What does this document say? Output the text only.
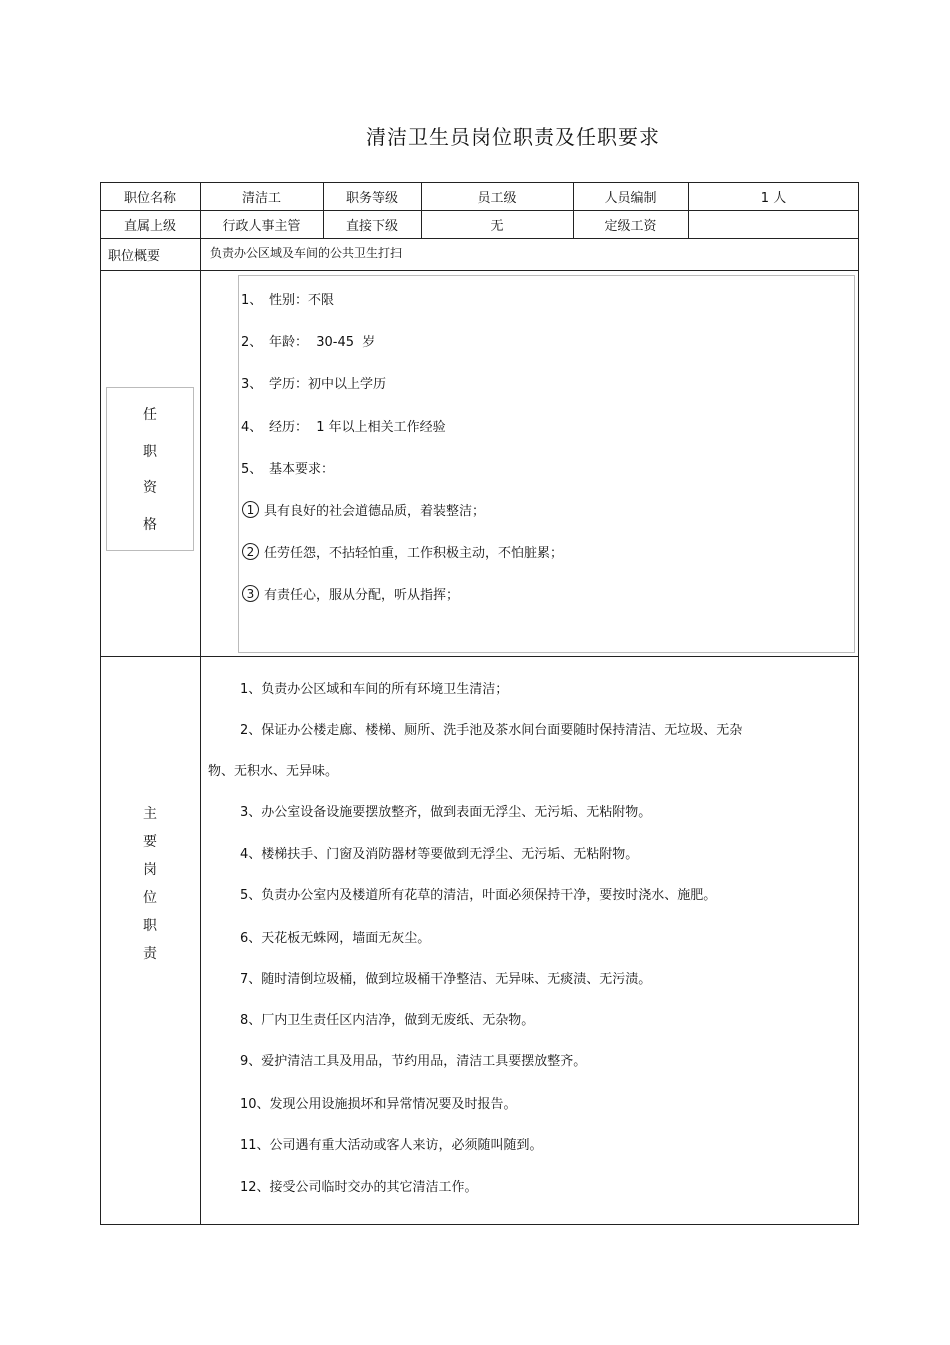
清洁卫生员岗位职责及任职要求
职位名称	清洁工	职务等级	员工级	人员编制	1 人
直属上级	行政人事主管	直接下级	无	定级工资
职位概要	负责办公区域及车间的公共卫生打扫
任
职
资
格
1、 性别：不限
2、 年龄：  30-45  岁
3、 学历：初中以上学历
4、 经历：  1 年以上相关工作经验
5、 基本要求：
1 具有良好的社会道德品质，着装整洁；
2 任劳任怨，不拈轻怕重，工作积极主动，不怕脏累；
3 有责任心，服从分配，听从指挥；
主
要
岗
位
职
责
1、负责办公区域和车间的所有环境卫生清洁；
2、保证办公楼走廊、楼梯、厕所、洗手池及茶水间台面要随时保持清洁、无垃圾、无杂
物、无积水、无异味。
3、办公室设备设施要摆放整齐，做到表面无浮尘、无污垢、无粘附物。
4、楼梯扶手、门窗及消防器材等要做到无浮尘、无污垢、无粘附物。
5、负责办公室内及楼道所有花草的清洁，叶面必须保持干净，要按时浇水、施肥。
6、天花板无蛛网，墙面无灰尘。
7、随时清倒垃圾桶，做到垃圾桶干净整洁、无异味、无痰渍、无污渍。
8、厂内卫生责任区内洁净，做到无废纸、无杂物。
9、爱护清洁工具及用品，节约用品，清洁工具要摆放整齐。
10、发现公用设施损坏和异常情况要及时报告。
11、公司遇有重大活动或客人来访，必须随叫随到。
12、接受公司临时交办的其它清洁工作。
